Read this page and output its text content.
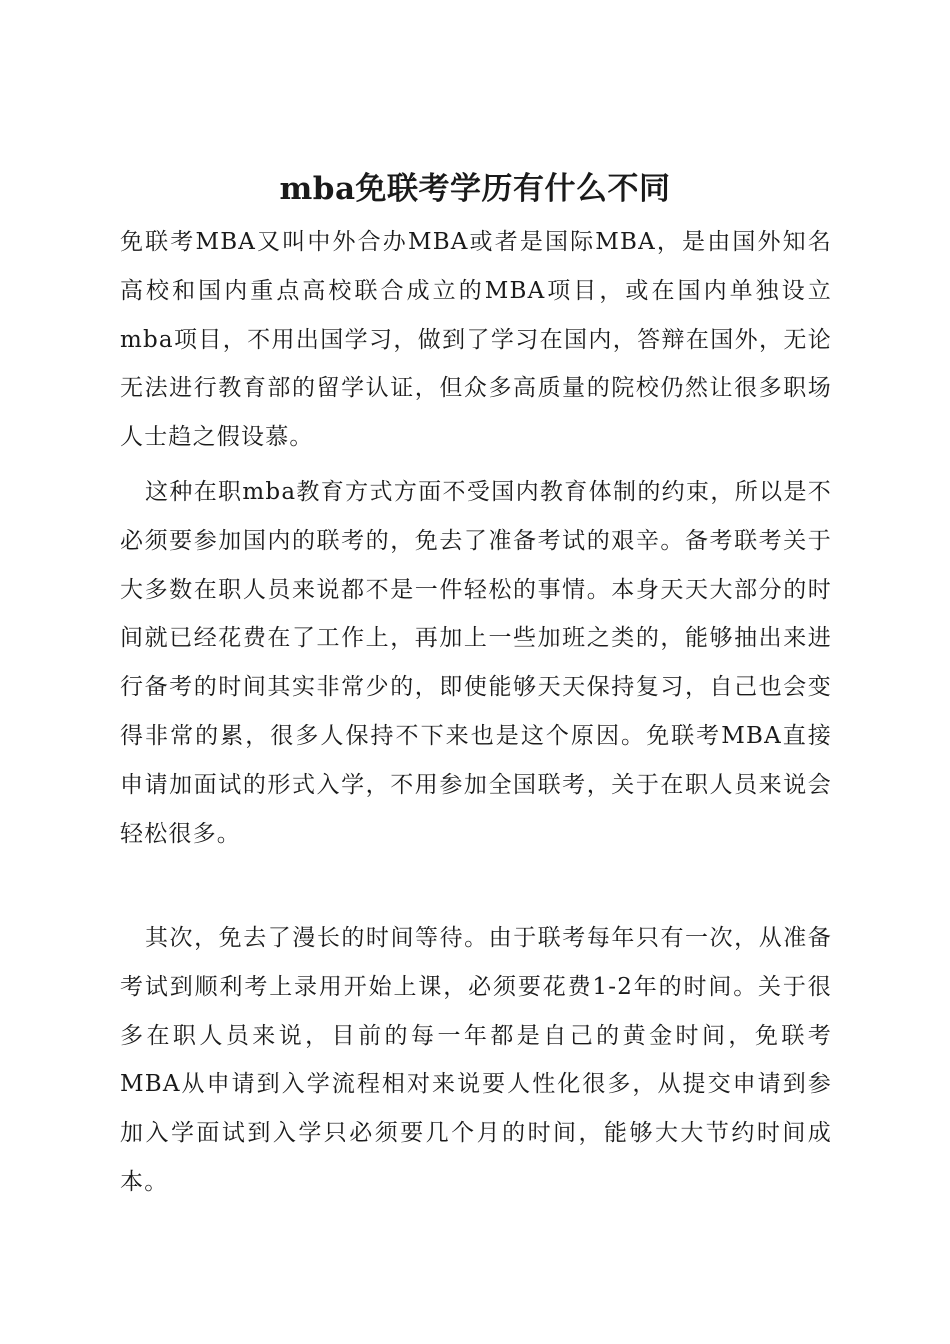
mba免联考学历有什么不同

免联考MBA又叫中外合办MBA或者是国际MBA，是由国外知名高校和国内重点高校联合成立的MBA项目，或在国内单独设立mba项目，不用出国学习，做到了学习在国内，答辩在国外，无论无法进行教育部的留学认证，但众多高质量的院校仍然让很多职场人士趋之假设慕。

这种在职mba教育方式方面不受国内教育体制的约束，所以是不必须要参加国内的联考的，免去了准备考试的艰辛。备考联考关于大多数在职人员来说都不是一件轻松的事情。本身天天大部分的时间就已经花费在了工作上，再加上一些加班之类的，能够抽出来进行备考的时间其实非常少的，即使能够天天保持复习，自己也会变得非常的累，很多人保持不下来也是这个原因。免联考MBA直接申请加面试的形式入学，不用参加全国联考，关于在职人员来说会轻松很多。

其次，免去了漫长的时间等待。由于联考每年只有一次，从准备考试到顺利考上录用开始上课，必须要花费1-2年的时间。关于很多在职人员来说，目前的每一年都是自己的黄金时间，免联考MBA从申请到入学流程相对来说要人性化很多，从提交申请到参加入学面试到入学只必须要几个月的时间，能够大大节约时间成本。
